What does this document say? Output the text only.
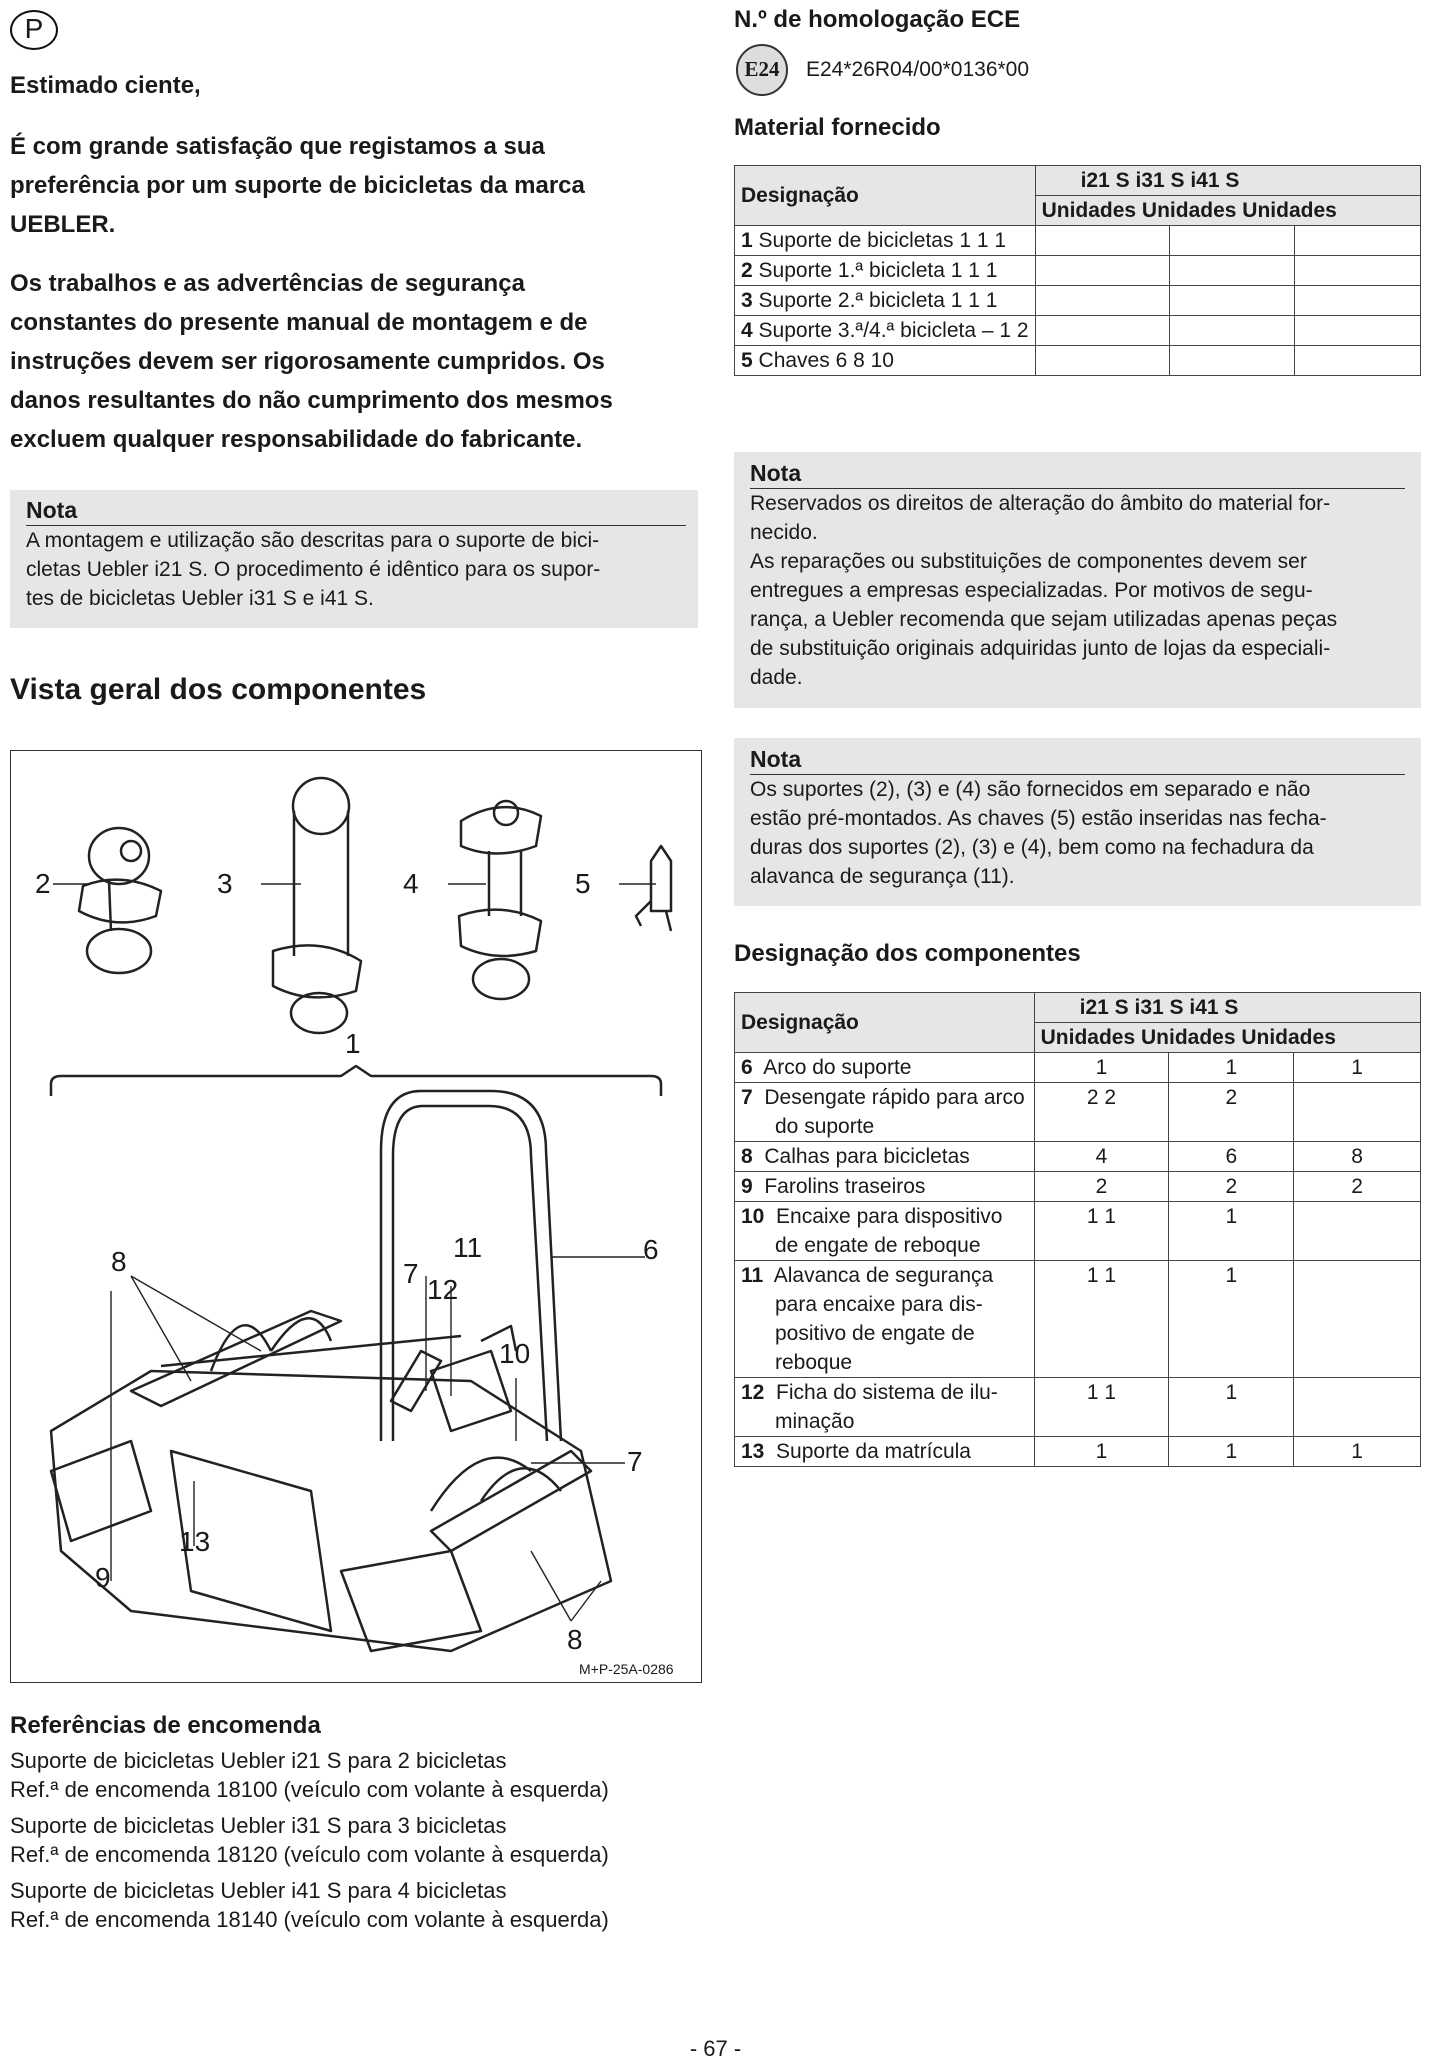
P
Estimado ciente,
É com grande satisfação que registamos a sua
preferência por um suporte de bicicletas da marca
UEBLER.
Os trabalhos e as advertências de segurança
constantes do presente manual de montagem e de
instruções devem ser rigorosamente cumpridos. Os
danos resultantes do não cumprimento dos mesmos
excluem qualquer responsabilidade do fabricante.
Nota
A montagem e utilização são descritas para o suporte de bici-
cletas Uebler i21 S. O procedimento é idêntico para os supor-
tes de bicicletas Uebler i31 S e i41 S.
Vista geral dos componentes
2	3	4	5
1
8	7
11
12
10
6
7
13
9
8
M+P-25A-0286
Referências de encomenda
Suporte de bicicletas Uebler i21 S para 2 bicicletas
Ref.ª de encomenda 18100 (veículo com volante à esquerda)
Suporte de bicicletas Uebler i31 S para 3 bicicletas
Ref.ª de encomenda 18120 (veículo com volante à esquerda)
Suporte de bicicletas Uebler i41 S para 4 bicicletas
Ref.ª de encomenda 18140 (veículo com volante à esquerda)
N.º de homologação ECE
E24	E24*26R04/00*0136*00
Material fornecido
Designação	i21 S i31 S i41 S		
	Unidades Unidades Unidades		
1 Suporte de bicicletas 1 1 1			
2 Suporte 1.ª bicicleta 1 1 1			
3 Suporte 2.ª bicicleta 1 1 1			
4 Suporte 3.ª/4.ª bicicleta – 1 2			
5 Chaves 6 8 10			
Nota
Reservados os direitos de alteração do âmbito do material for-
necido.
As reparações ou substituições de componentes devem ser
entregues a empresas especializadas. Por motivos de segu-
rança, a Uebler recomenda que sejam utilizadas apenas peças
de substituição originais adquiridas junto de lojas da especiali-
dade.
Nota
Os suportes (2), (3) e (4) são fornecidos em separado e não
estão pré-montados. As chaves (5) estão inseridas nas fecha-
duras dos suportes (2), (3) e (4), bem como na fechadura da
alavanca de segurança (11).
Designação dos componentes
Designação	i21 S i31 S i41 S		
	Unidades Unidades Unidades		
6 Arco do suporte	1	1	1
7 Desengate rápido para arco do suporte	2 2	2	
8 Calhas para bicicletas	4	6	8
9 Farolins traseiros	2	2	2
10 Encaixe para dispositivo de engate de reboque	1 1	1	
11 Alavanca de segurança para encaixe para dis-positivo de engate de reboque	1 1	1	
12 Ficha do sistema de ilu-minação	1 1	1	
13 Suporte da matrícula	1	1	1
- 67 -
